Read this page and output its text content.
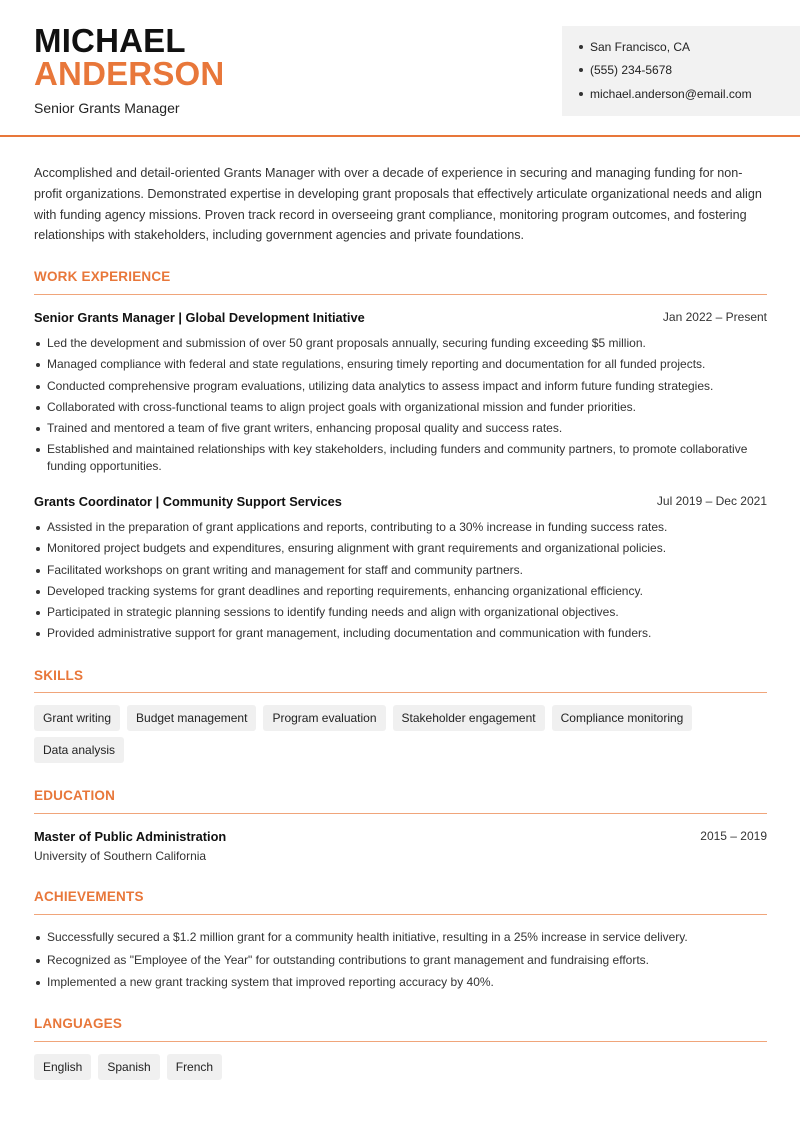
MICHAEL
ANDERSON
Senior Grants Manager
San Francisco, CA
(555) 234-5678
michael.anderson@email.com

Accomplished and detail-oriented Grants Manager with over a decade of experience in securing and managing funding for non-profit organizations. Demonstrated expertise in developing grant proposals that effectively articulate organizational needs and align with funding agency missions. Proven track record in overseeing grant compliance, monitoring program outcomes, and fostering relationships with stakeholders, including government agencies and private foundations.

WORK EXPERIENCE
Senior Grants Manager | Global Development Initiative	Jan 2022 – Present
Led the development and submission of over 50 grant proposals annually, securing funding exceeding $5 million.
Managed compliance with federal and state regulations, ensuring timely reporting and documentation for all funded projects.
Conducted comprehensive program evaluations, utilizing data analytics to assess impact and inform future funding strategies.
Collaborated with cross-functional teams to align project goals with organizational mission and funder priorities.
Trained and mentored a team of five grant writers, enhancing proposal quality and success rates.
Established and maintained relationships with key stakeholders, including funders and community partners, to promote collaborative funding opportunities.
Grants Coordinator | Community Support Services	Jul 2019 – Dec 2021
Assisted in the preparation of grant applications and reports, contributing to a 30% increase in funding success rates.
Monitored project budgets and expenditures, ensuring alignment with grant requirements and organizational policies.
Facilitated workshops on grant writing and management for staff and community partners.
Developed tracking systems for grant deadlines and reporting requirements, enhancing organizational efficiency.
Participated in strategic planning sessions to identify funding needs and align with organizational objectives.
Provided administrative support for grant management, including documentation and communication with funders.
SKILLS
Grant writing	Budget management	Program evaluation	Stakeholder engagement	Compliance monitoring
Data analysis
EDUCATION
Master of Public Administration	2015 – 2019
University of Southern California
ACHIEVEMENTS
Successfully secured a $1.2 million grant for a community health initiative, resulting in a 25% increase in service delivery.
Recognized as "Employee of the Year" for outstanding contributions to grant management and fundraising efforts.
Implemented a new grant tracking system that improved reporting accuracy by 40%.
LANGUAGES
English	Spanish	French
